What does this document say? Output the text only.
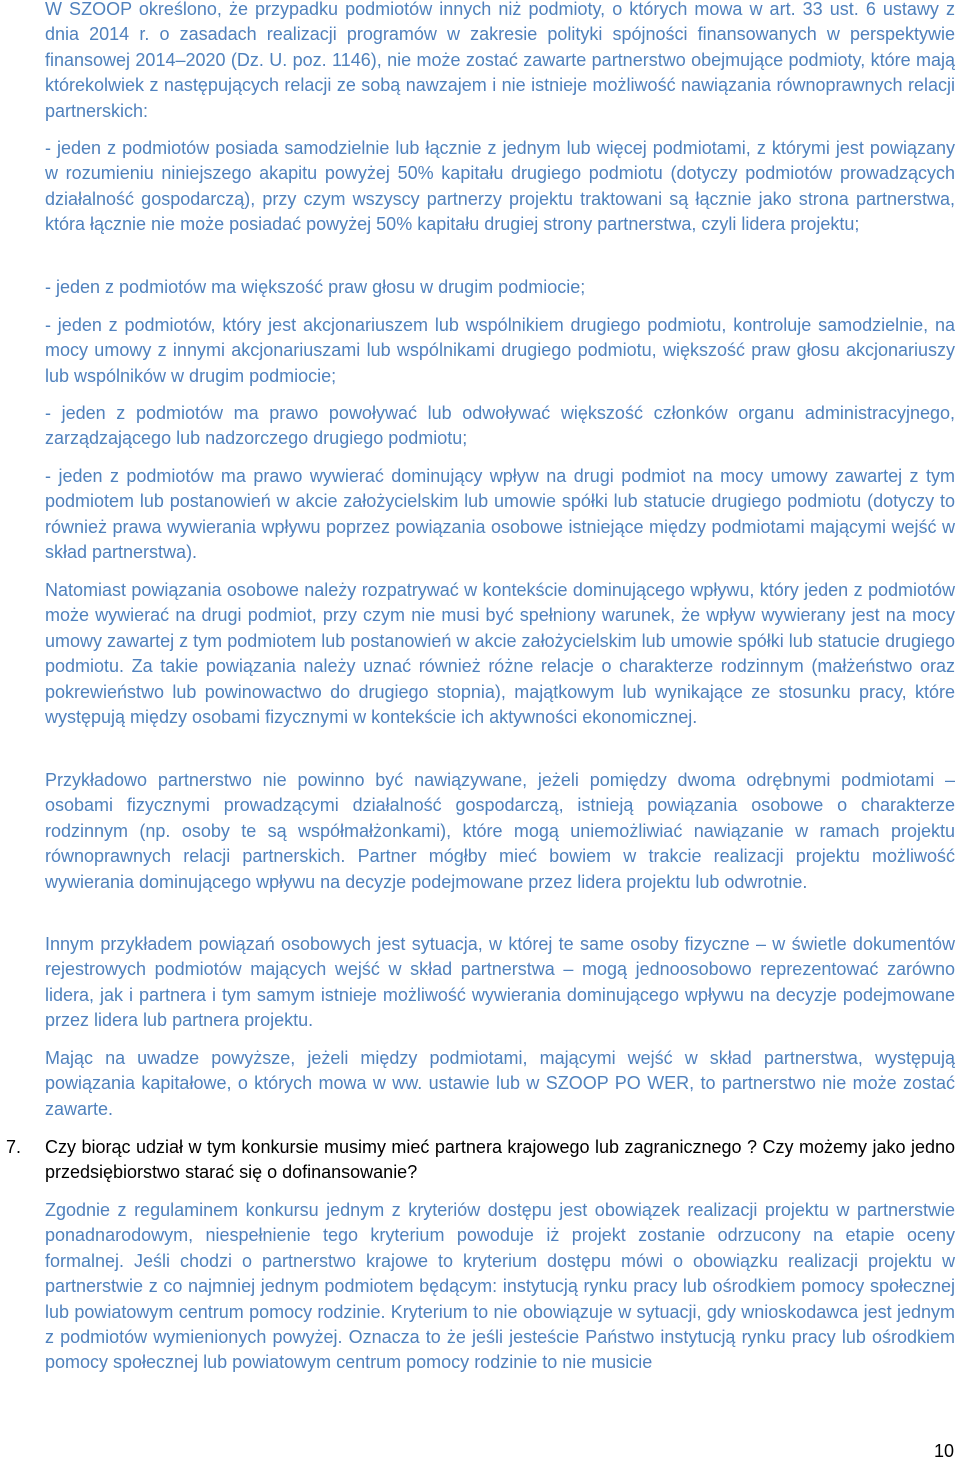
W SZOOP określono, że przypadku podmiotów innych niż podmioty, o których mowa w art. 33 ust. 6 ustawy z dnia 2014 r. o zasadach realizacji programów w zakresie polityki spójności finansowanych w perspektywie finansowej 2014–2020 (Dz. U. poz. 1146), nie może zostać zawarte partnerstwo obejmujące podmioty, które mają którekolwiek z następujących relacji ze sobą nawzajem i nie istnieje możliwość nawiązania równoprawnych relacji partnerskich:

- jeden z podmiotów posiada samodzielnie lub łącznie z jednym lub więcej podmiotami, z którymi jest powiązany w rozumieniu niniejszego akapitu powyżej 50% kapitału drugiego podmiotu (dotyczy podmiotów prowadzących działalność gospodarczą), przy czym wszyscy partnerzy projektu traktowani są łącznie jako strona partnerstwa, która łącznie nie może posiadać powyżej 50% kapitału drugiej strony partnerstwa, czyli lidera projektu;

- jeden z podmiotów ma większość praw głosu w drugim podmiocie;

- jeden z podmiotów, który jest akcjonariuszem lub wspólnikiem drugiego podmiotu, kontroluje samodzielnie, na mocy umowy z innymi akcjonariuszami lub wspólnikami drugiego podmiotu, większość praw głosu akcjonariuszy lub wspólników w drugim podmiocie;

- jeden z podmiotów ma prawo powoływać lub odwoływać większość członków organu administracyjnego, zarządzającego lub nadzorczego drugiego podmiotu;

- jeden z podmiotów ma prawo wywierać dominujący wpływ na drugi podmiot na mocy umowy zawartej z tym podmiotem lub postanowień w akcie założycielskim lub umowie spółki lub statucie drugiego podmiotu (dotyczy to również prawa wywierania wpływu poprzez powiązania osobowe istniejące między podmiotami mającymi wejść w skład partnerstwa).

Natomiast powiązania osobowe należy rozpatrywać w kontekście dominującego wpływu, który jeden z podmiotów może wywierać na drugi podmiot, przy czym nie musi być spełniony warunek, że wpływ wywierany jest na mocy umowy zawartej z tym podmiotem lub postanowień w akcie założycielskim lub umowie spółki lub statucie drugiego podmiotu. Za takie powiązania należy uznać również różne relacje o charakterze rodzinnym (małżeństwo oraz pokrewieństwo lub powinowactwo do drugiego stopnia), majątkowym lub wynikające ze stosunku pracy, które występują między osobami fizycznymi w kontekście ich aktywności ekonomicznej.

Przykładowo partnerstwo nie powinno być nawiązywane, jeżeli pomiędzy dwoma odrębnymi podmiotami – osobami fizycznymi prowadzącymi działalność gospodarczą, istnieją powiązania osobowe o charakterze rodzinnym (np. osoby te są współmałżonkami), które mogą uniemożliwiać nawiązanie w ramach projektu równoprawnych relacji partnerskich. Partner mógłby mieć bowiem w trakcie realizacji projektu możliwość wywierania dominującego wpływu na decyzje podejmowane przez lidera projektu lub odwrotnie.

Innym przykładem powiązań osobowych jest sytuacja, w której te same osoby fizyczne – w świetle dokumentów rejestrowych podmiotów mających wejść w skład partnerstwa – mogą jednoosobowo reprezentować zarówno lidera, jak i partnera i tym samym istnieje możliwość wywierania dominującego wpływu na decyzje podejmowane przez lidera lub partnera projektu.

Mając na uwadze powyższe, jeżeli między podmiotami, mającymi wejść w skład partnerstwa, występują powiązania kapitałowe, o których mowa w ww. ustawie lub w SZOOP PO WER, to partnerstwo nie może zostać zawarte.

7. Czy biorąc udział w tym konkursie musimy mieć partnera krajowego lub zagranicznego ? Czy możemy jako jedno przedsiębiorstwo starać się o dofinansowanie?

Zgodnie z regulaminem konkursu jednym z kryteriów dostępu jest obowiązek realizacji projektu w partnerstwie ponadnarodowym, niespełnienie tego kryterium powoduje iż projekt zostanie odrzucony na etapie oceny formalnej. Jeśli chodzi o partnerstwo krajowe to kryterium dostępu mówi o obowiązku realizacji projektu w partnerstwie z co najmniej jednym podmiotem będącym: instytucją rynku pracy lub ośrodkiem pomocy społecznej lub powiatowym centrum pomocy rodzinie. Kryterium to nie obowiązuje w sytuacji, gdy wnioskodawca jest jednym z podmiotów wymienionych powyżej. Oznacza to że jeśli jesteście Państwo instytucją rynku pracy lub ośrodkiem pomocy społecznej lub powiatowym centrum pomocy rodzinie to nie musicie

10
